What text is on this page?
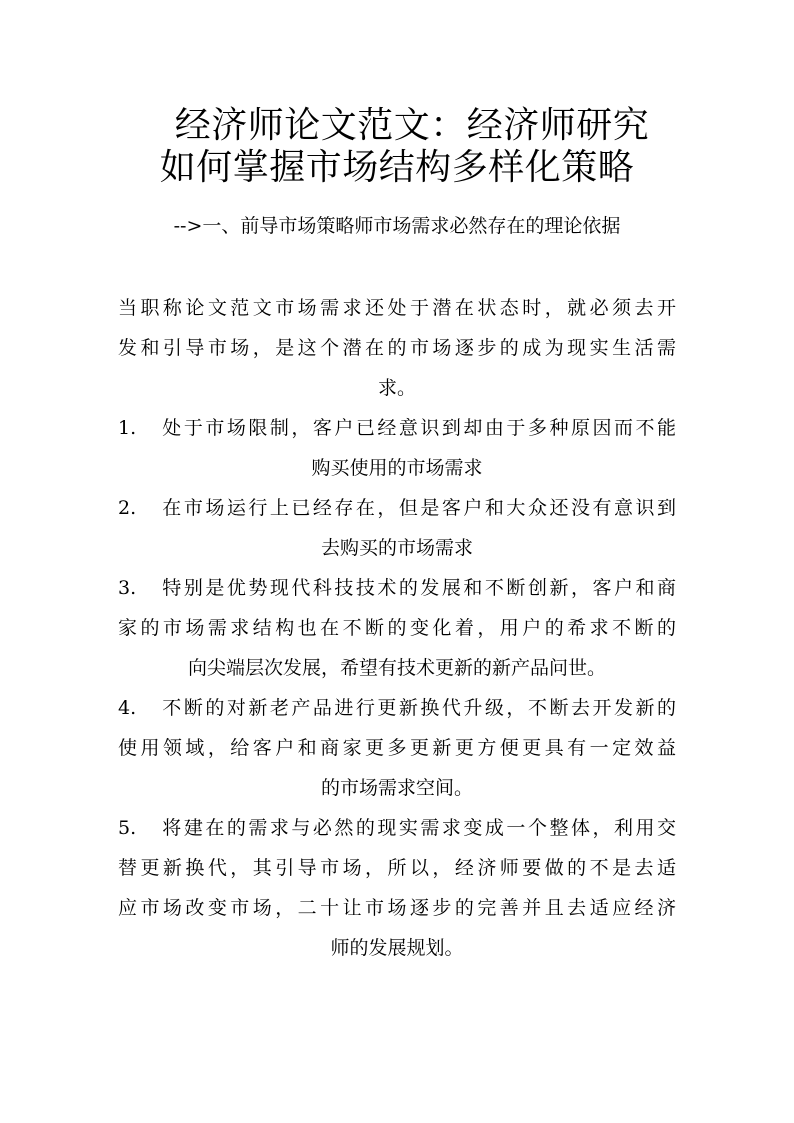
经济师论文范文：经济师研究
如何掌握市场结构多样化策略
-->一、前导市场策略师市场需求必然存在的理论依据

当职称论文范文市场需求还处于潜在状态时，就必须去开
发和引导市场，是这个潜在的市场逐步的成为现实生活需
求。

1. 处于市场限制，客户已经意识到却由于多种原因而不能
购买使用的市场需求

2. 在市场运行上已经存在，但是客户和大众还没有意识到
去购买的市场需求

3. 特别是优势现代科技技术的发展和不断创新，客户和商
家的市场需求结构也在不断的变化着，用户的希求不断的
向尖端层次发展，希望有技术更新的新产品问世。

4. 不断的对新老产品进行更新换代升级，不断去开发新的
使用领域，给客户和商家更多更新更方便更具有一定效益
的市场需求空间。

5. 将建在的需求与必然的现实需求变成一个整体，利用交
替更新换代，其引导市场，所以，经济师要做的不是去适
应市场改变市场，二十让市场逐步的完善并且去适应经济
师的发展规划。
